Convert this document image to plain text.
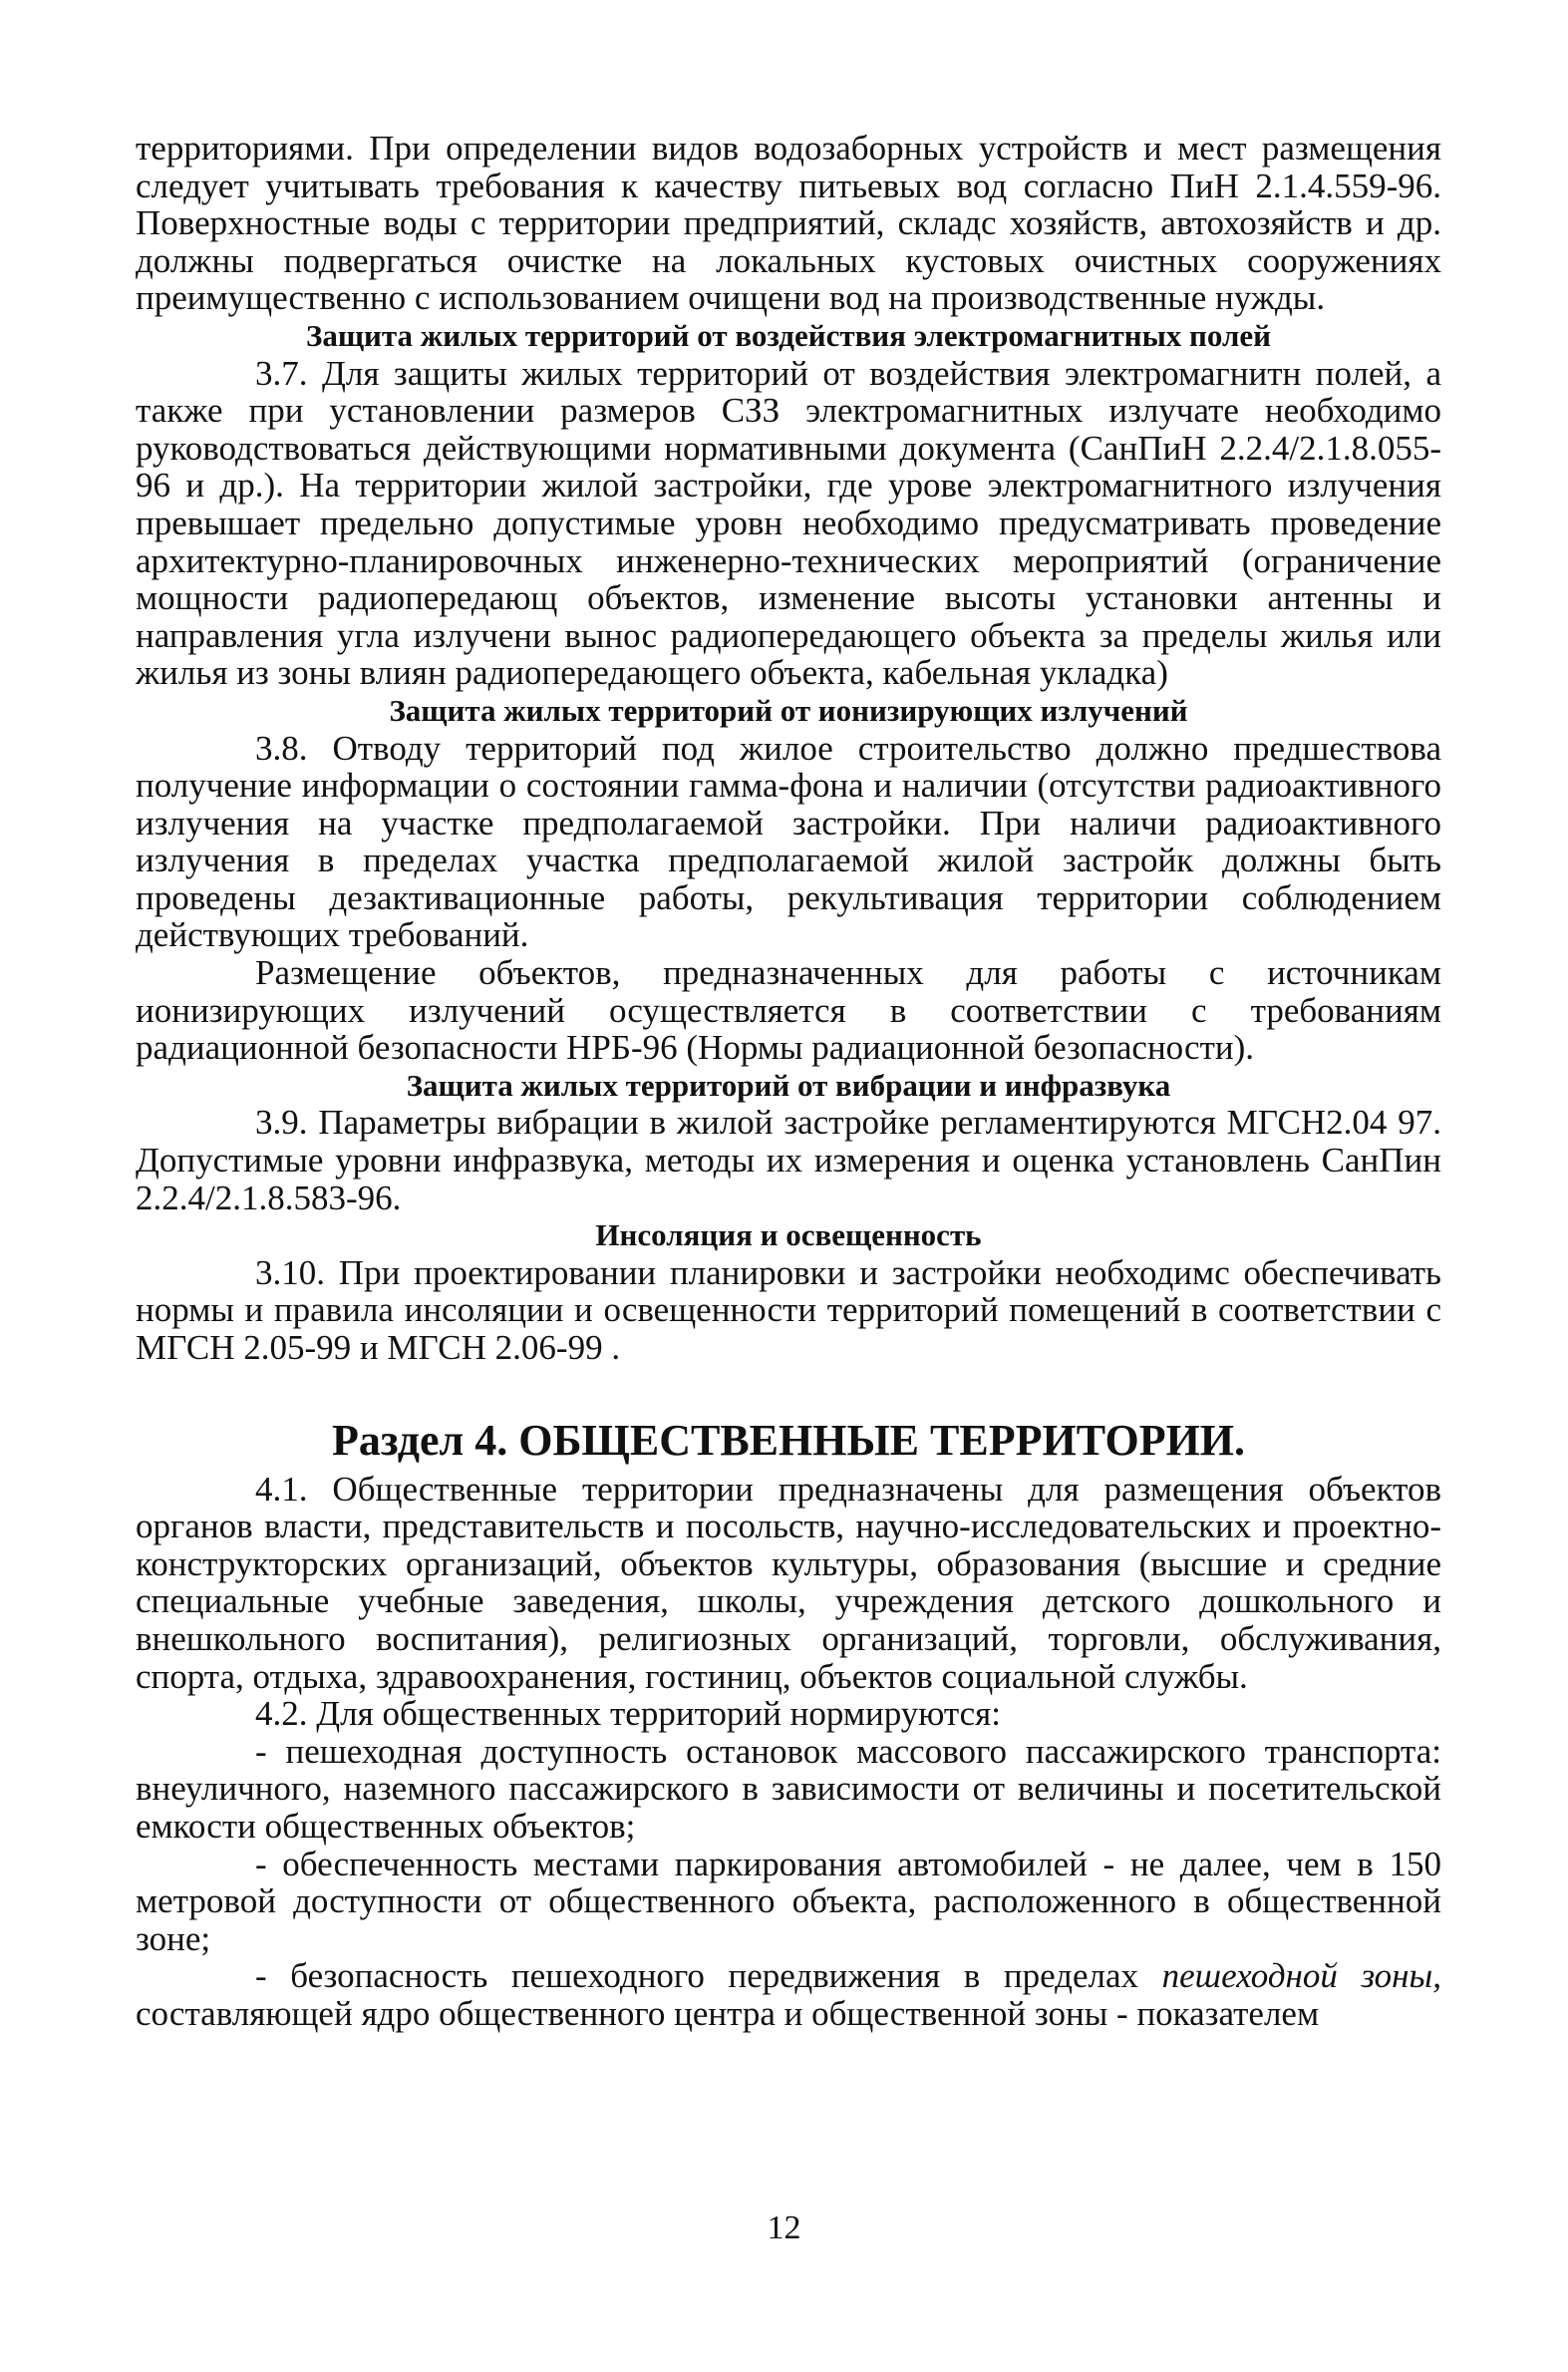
территориями. При определении видов водозаборных устройств и мест размещения следует учитывать требования к качеству питьевых вод согласно ПиН 2.1.4.559-96. Поверхностные воды с территории предприятий, складс хозяйств, автохозяйств и др. должны подвергаться очистке на локальных кустовых очистных сооружениях преимущественно с использованием очищени вод на производственные нужды.

Защита жилых территорий от воздействия электромагнитных полей

3.7. Для защиты жилых территорий от воздействия электромагнитн полей, а также при установлении размеров СЗЗ электромагнитных излучате необходимо руководствоваться действующими нормативными документа (СанПиН 2.2.4/2.1.8.055-96 и др.). На территории жилой застройки, где урове электромагнитного излучения превышает предельно допустимые уровн необходимо предусматривать проведение архитектурно-планировочных инженерно-технических мероприятий (ограничение мощности радиопередающ объектов, изменение высоты установки антенны и направления угла излучени вынос радиопередающего объекта за пределы жилья или жилья из зоны влиян радиопередающего объекта, кабельная укладка)

Защита жилых территорий от ионизирующих излучений

3.8. Отводу территорий под жилое строительство должно предшествова получение информации о состоянии гамма-фона и наличии (отсутстви радиоактивного излучения на участке предполагаемой застройки. При наличи радиоактивного излучения в пределах участка предполагаемой жилой застройк должны быть проведены дезактивационные работы, рекультивация территории соблюдением действующих требований.

Размещение объектов, предназначенных для работы с источникам ионизирующих излучений осуществляется в соответствии с требованиям радиационной безопасности НРБ-96 (Нормы радиационной безопасности).

Защита жилых территорий от вибрации и инфразвука

3.9. Параметры вибрации в жилой застройке регламентируются МГСН2.04 97. Допустимые уровни инфразвука, методы их измерения и оценка установлень СанПин 2.2.4/2.1.8.583-96.

Инсоляция и освещенность

3.10. При проектировании планировки и застройки необходимс обеспечивать нормы и правила инсоляции и освещенности территорий помещений в соответствии с МГСН 2.05-99 и МГСН 2.06-99 .

Раздел 4. ОБЩЕСТВЕННЫЕ ТЕРРИТОРИИ.

4.1. Общественные территории предназначены для размещения объектов органов власти, представительств и посольств, научно-исследовательских и проектно-конструкторских организаций, объектов культуры, образования (высшие и средние специальные учебные заведения, школы, учреждения детского дошкольного и внешкольного воспитания), религиозных организаций, торговли, обслуживания, спорта, отдыха, здравоохранения, гостиниц, объектов социальной службы.

4.2. Для общественных территорий нормируются:

- пешеходная доступность остановок массового пассажирского транспорта: внеуличного, наземного пассажирского в зависимости от величины и посетительской емкости общественных объектов;

- обеспеченность местами паркирования автомобилей - не далее, чем в 150 метровой доступности от общественного объекта, расположенного в общественной зоне;

- безопасность пешеходного передвижения в пределах пешеходной зоны, составляющей ядро общественного центра и общественной зоны - показателем

12
